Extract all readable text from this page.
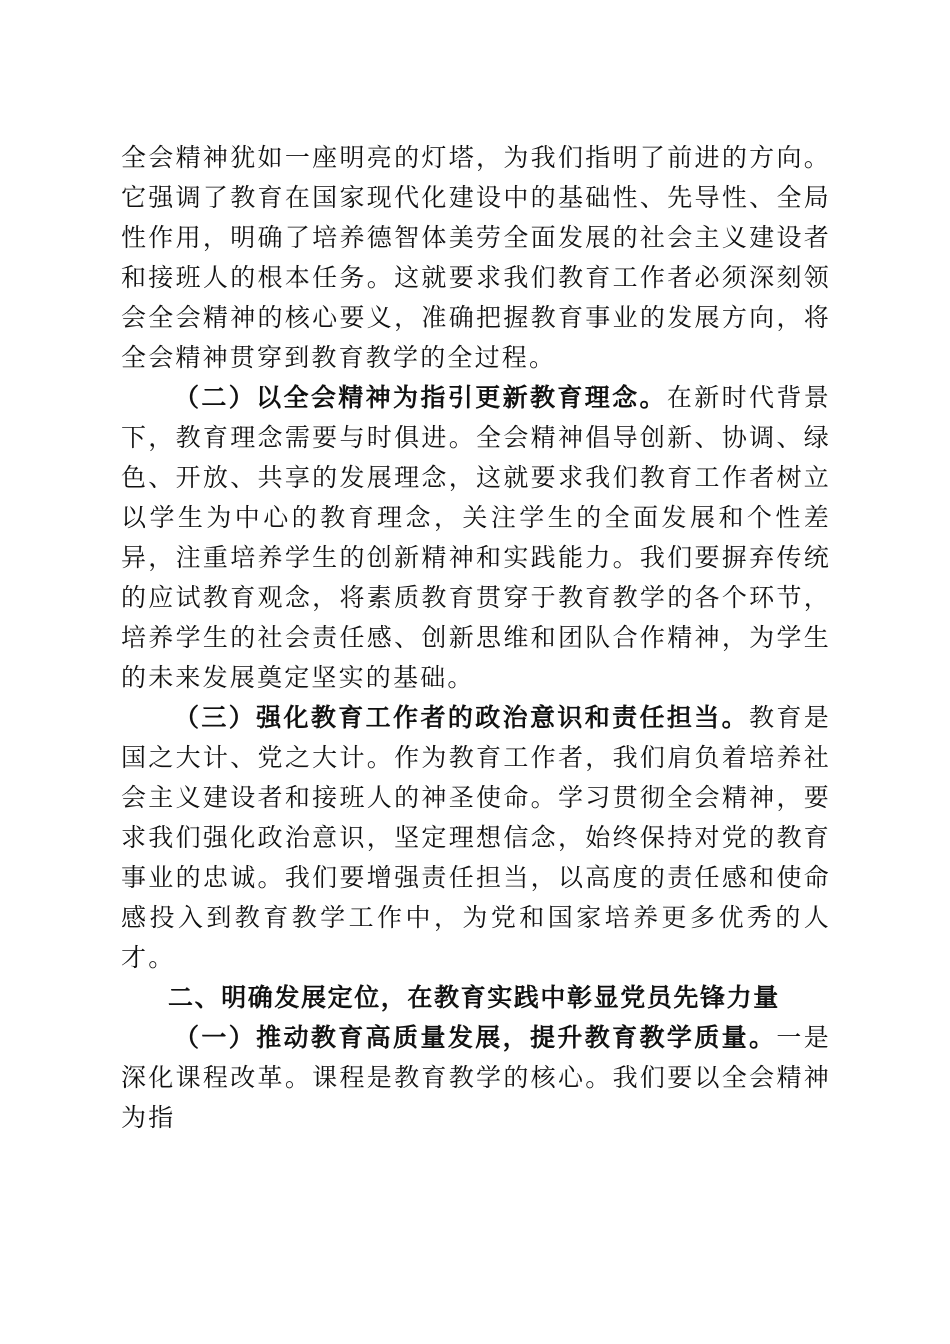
全会精神犹如一座明亮的灯塔，为我们指明了前进的方向。它强调了教育在国家现代化建设中的基础性、先导性、全局性作用，明确了培养德智体美劳全面发展的社会主义建设者和接班人的根本任务。这就要求我们教育工作者必须深刻领会全会精神的核心要义，准确把握教育事业的发展方向，将全会精神贯穿到教育教学的全过程。

（二）以全会精神为指引更新教育理念。在新时代背景下，教育理念需要与时俱进。全会精神倡导创新、协调、绿色、开放、共享的发展理念，这就要求我们教育工作者树立以学生为中心的教育理念，关注学生的全面发展和个性差异，注重培养学生的创新精神和实践能力。我们要摒弃传统的应试教育观念，将素质教育贯穿于教育教学的各个环节，培养学生的社会责任感、创新思维和团队合作精神，为学生的未来发展奠定坚实的基础。

（三）强化教育工作者的政治意识和责任担当。教育是国之大计、党之大计。作为教育工作者，我们肩负着培养社会主义建设者和接班人的神圣使命。学习贯彻全会精神，要求我们强化政治意识，坚定理想信念，始终保持对党的教育事业的忠诚。我们要增强责任担当，以高度的责任感和使命感投入到教育教学工作中，为党和国家培养更多优秀的人才。

二、明确发展定位，在教育实践中彰显党员先锋力量

（一）推动教育高质量发展，提升教育教学质量。一是深化课程改革。课程是教育教学的核心。我们要以全会精神为指
